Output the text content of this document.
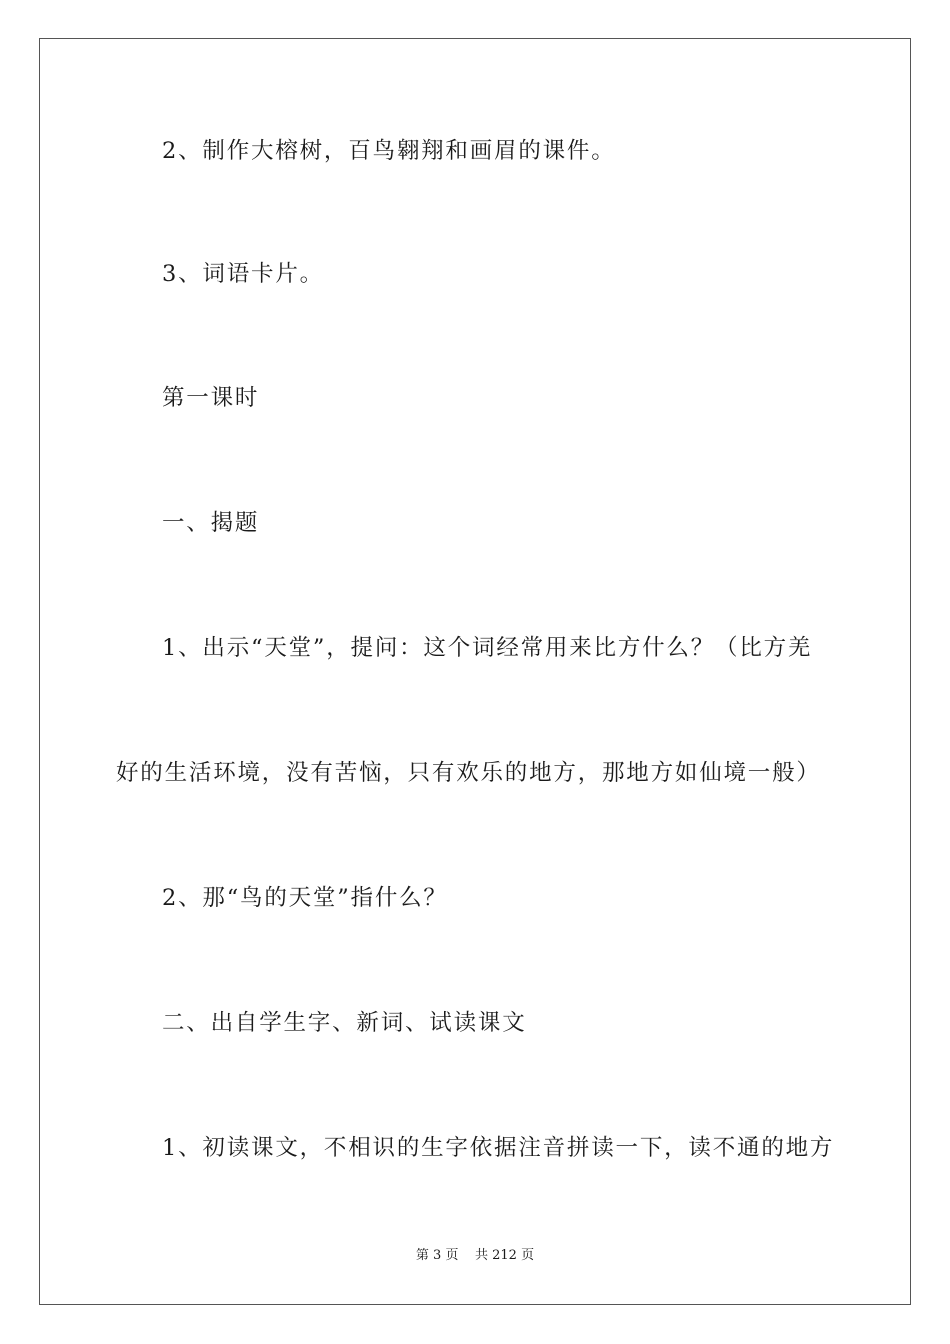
2、制作大榕树，百鸟翱翔和画眉的课件。

3、词语卡片。

第一课时

一、揭题

1、出示“天堂”，提问：这个词经常用来比方什么？（比方羌

好的生活环境，没有苦恼，只有欢乐的地方，那地方如仙境一般）

2、那“鸟的天堂”指什么？

二、出自学生字、新词、试读课文

1、初读课文，不相识的生字依据注音拼读一下，读不通的地方

第 3 页    共 212 页
